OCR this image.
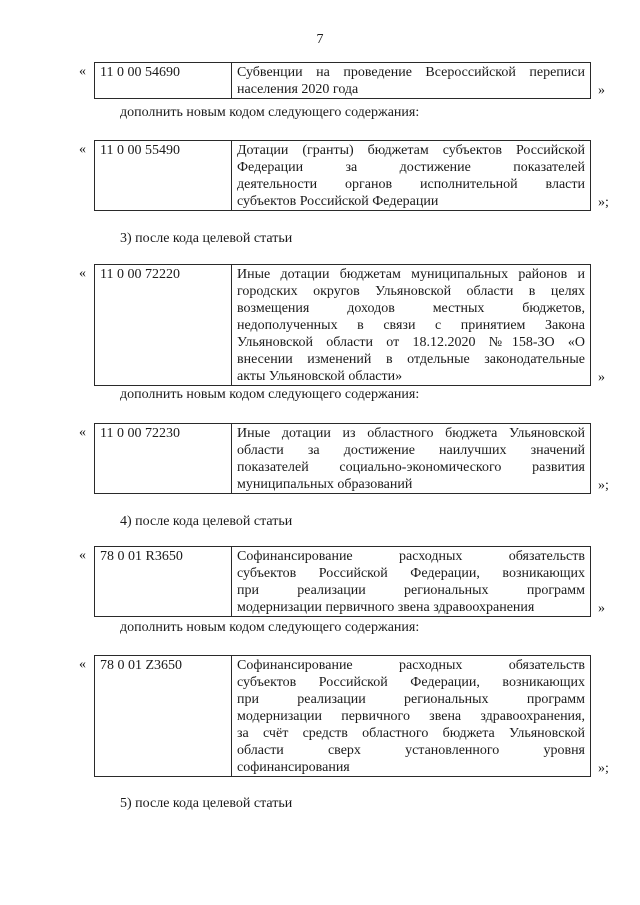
7
« 11 0 00 54690	Субвенции на проведение Всероссийской переписи
населения 2020 года	»
дополнить новым кодом следующего содержания:
« 11 0 00 55490	Дотации (гранты) бюджетам субъектов Российской
Федерации за достижение показателей
деятельности органов исполнительной власти
субъектов Российской Федерации	»;
3) после кода целевой статьи
« 11 0 00 72220	Иные дотации бюджетам муниципальных районов и
городских округов Ульяновской области в целях
возмещения доходов местных бюджетов,
недополученных в связи с принятием Закона
Ульяновской области от 18.12.2020 №158-ЗО «О
внесении изменений в отдельные законодательные
акты Ульяновской области»	»
дополнить новым кодом следующего содержания:
« 11 0 00 72230	Иные дотации из областного бюджета Ульяновской
области за достижение наилучших значений
показателей социально-экономического развития
муниципальных образований	»;
4) после кода целевой статьи
« 78 0 01 R3650	Софинансирование расходных обязательств
субъектов Российской Федерации, возникающих
при реализации региональных программ
модернизации первичного звена здравоохранения	»
дополнить новым кодом следующего содержания:
« 78 0 01 Z3650	Софинансирование расходных обязательств
субъектов Российской Федерации, возникающих
при реализации региональных программ
модернизации первичного звена здравоохранения,
за счёт средств областного бюджета Ульяновской
области сверх установленного уровня
софинансирования	»;
5) после кода целевой статьи
